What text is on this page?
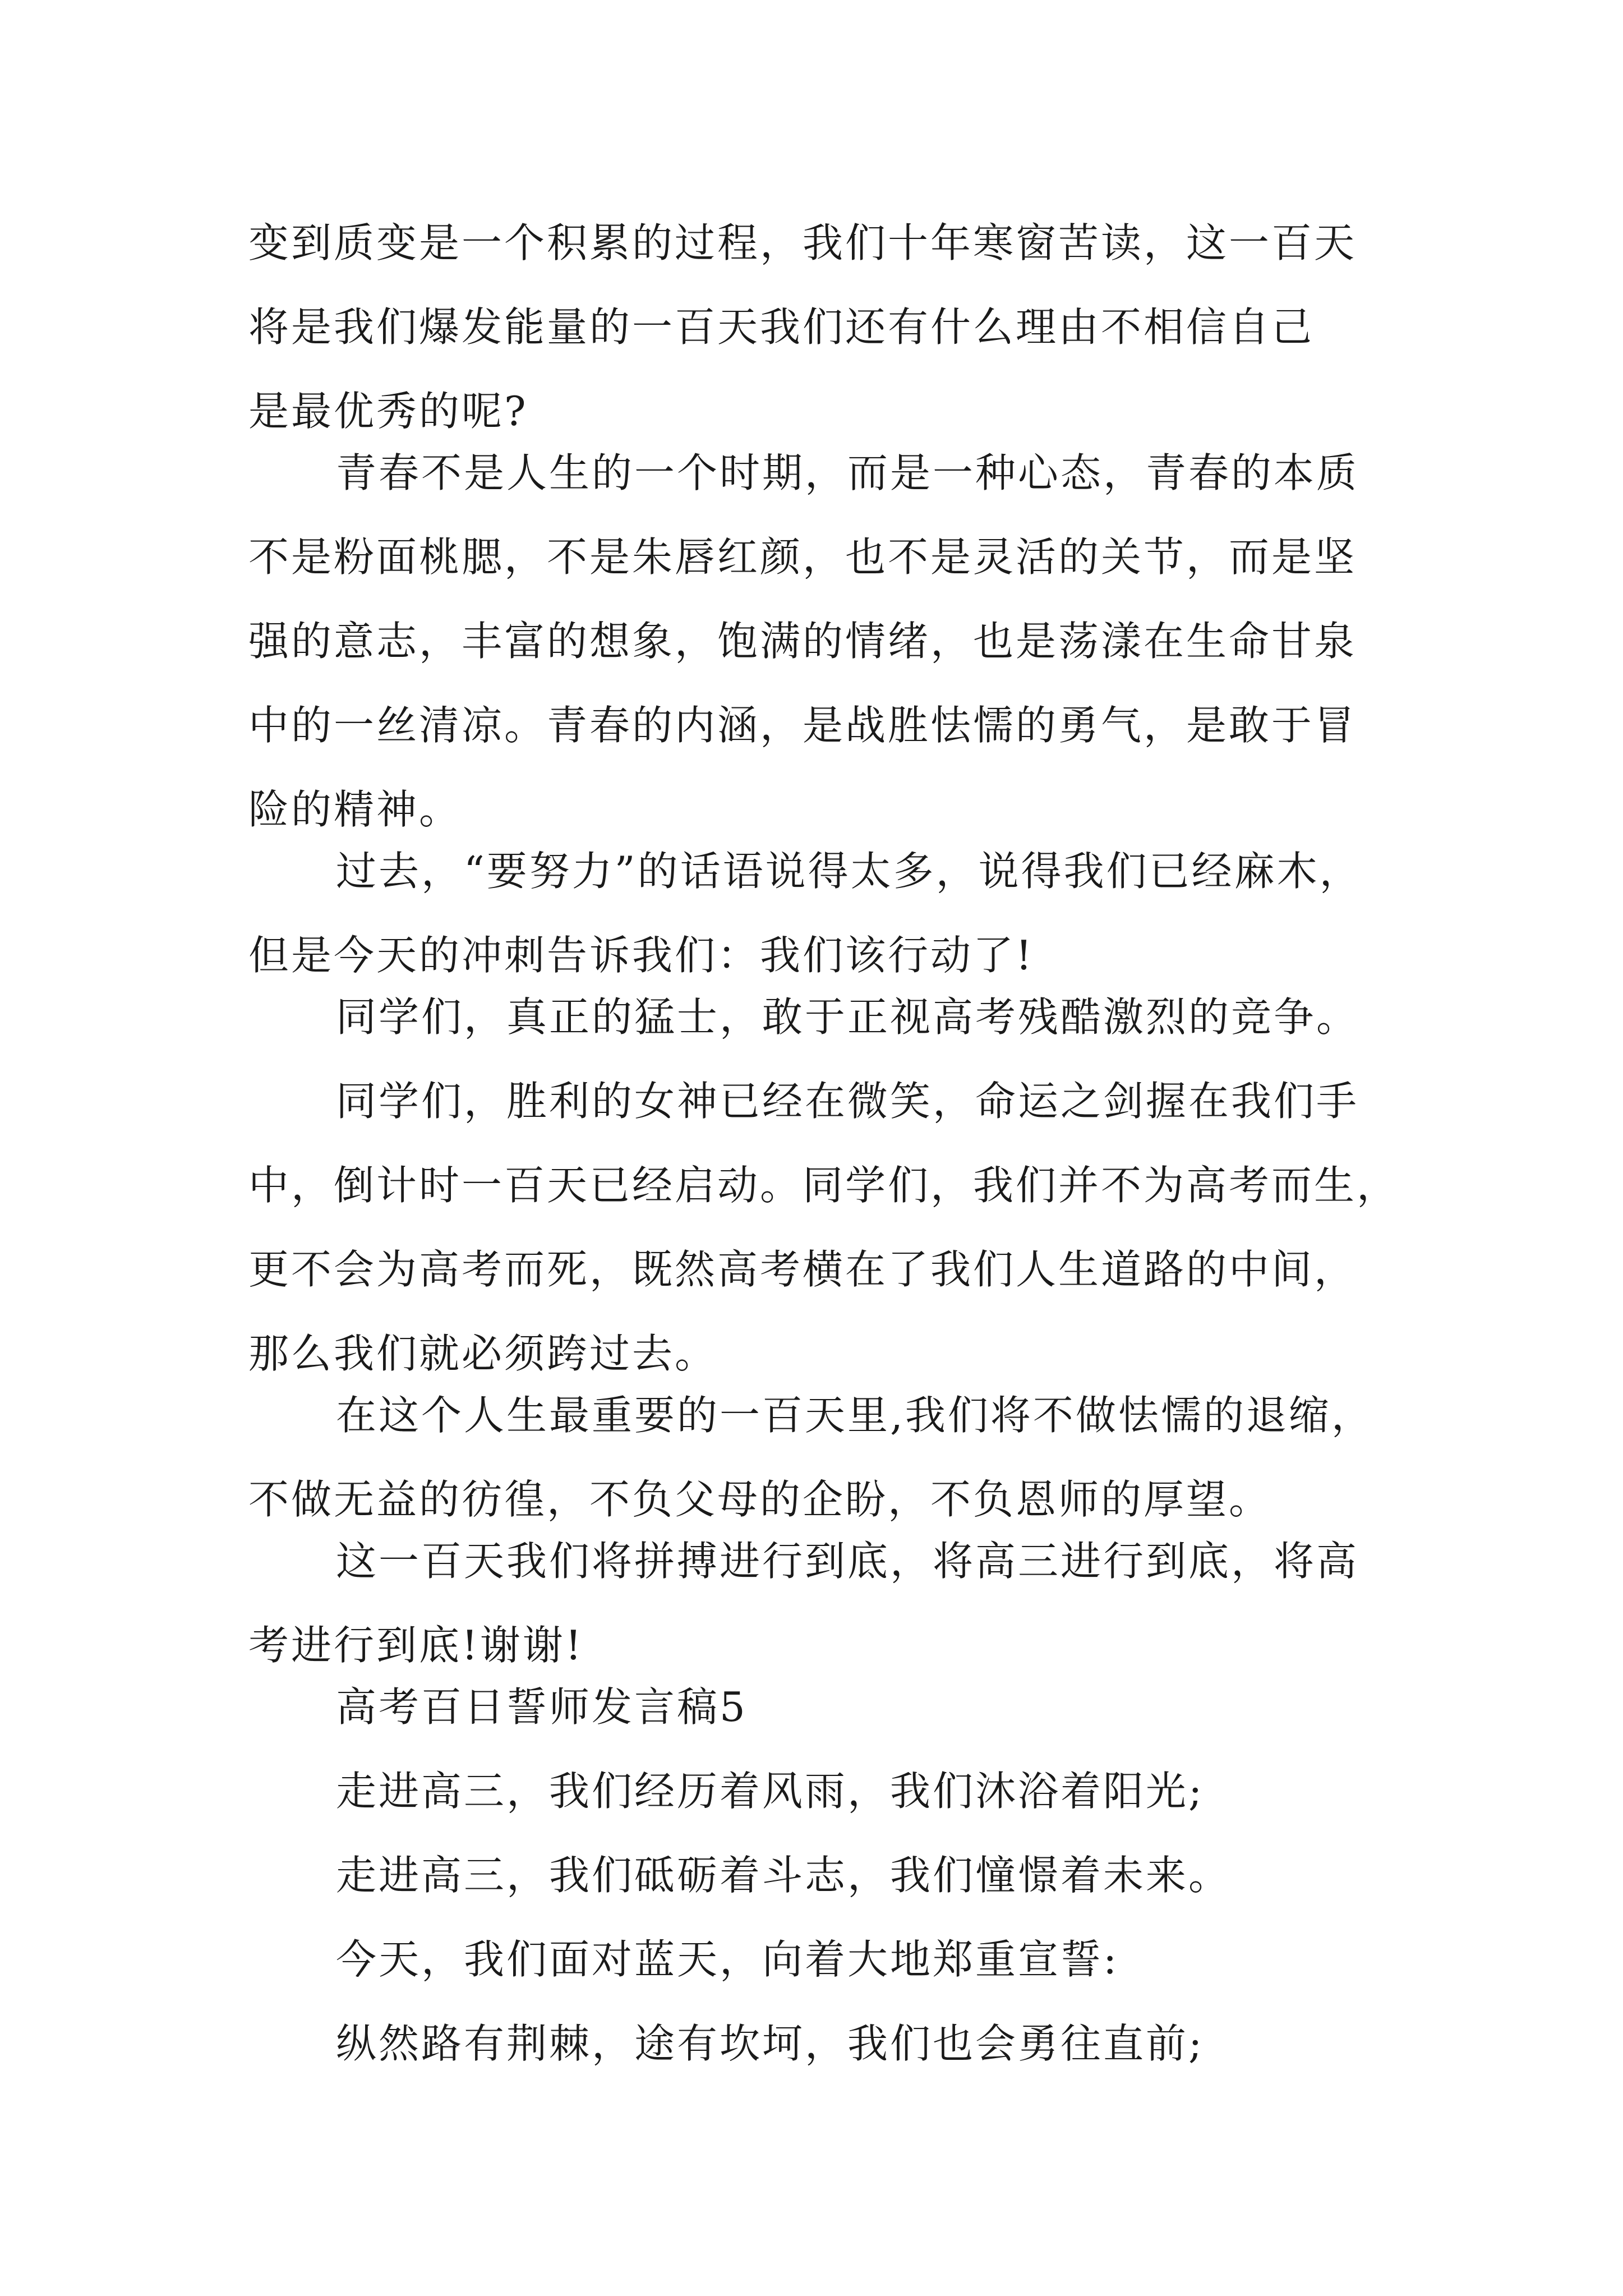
变到质变是一个积累的过程，我们十年寒窗苦读，这一百天
将是我们爆发能量的一百天我们还有什么理由不相信自己
是最优秀的呢?
青春不是人生的一个时期，而是一种心态，青春的本质
不是粉面桃腮，不是朱唇红颜，也不是灵活的关节，而是坚
强的意志，丰富的想象，饱满的情绪，也是荡漾在生命甘泉
中的一丝清凉。青春的内涵，是战胜怯懦的勇气，是敢于冒
险的精神。
过去，“要努力”的话语说得太多，说得我们已经麻木，
但是今天的冲刺告诉我们：我们该行动了!
同学们，真正的猛士，敢于正视高考残酷激烈的竞争。
同学们，胜利的女神已经在微笑，命运之剑握在我们手
中，倒计时一百天已经启动。同学们，我们并不为高考而生，
更不会为高考而死，既然高考横在了我们人生道路的中间，
那么我们就必须跨过去。
在这个人生最重要的一百天里,我们将不做怯懦的退缩，
不做无益的彷徨，不负父母的企盼，不负恩师的厚望。
这一百天我们将拼搏进行到底，将高三进行到底，将高
考进行到底!谢谢!
高考百日誓师发言稿5
走进高三，我们经历着风雨，我们沐浴着阳光;
走进高三，我们砥砺着斗志，我们憧憬着未来。
今天，我们面对蓝天，向着大地郑重宣誓:
纵然路有荆棘，途有坎坷，我们也会勇往直前;
